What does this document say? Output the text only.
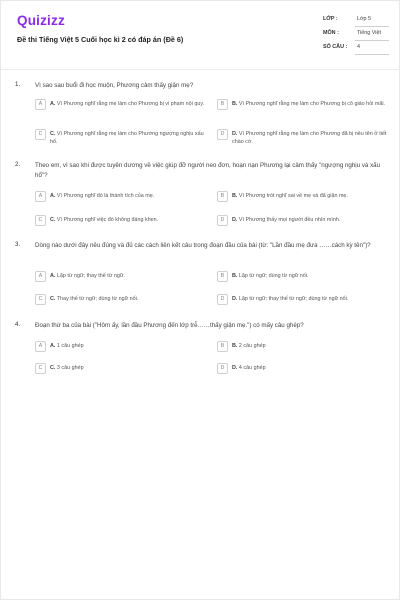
Quizizz
Đề thi Tiếng Việt 5 Cuối học kì 2 có đáp án (Đề 6)
LỚP :	Lớp 5
MÔN :	Tiếng Việt
SỐ CÂU : 4
1. Vì sao sau buổi đi học muộn, Phương cảm thấy giận mẹ?
A	A. Vì Phương nghĩ rằng mẹ làm cho Phương bị vi phạm nội quy.	B	B. Vì Phương nghĩ rằng mẹ làm cho Phương bị cô giáo hỏi mãi.
C	C. Vì Phương nghĩ rằng mẹ làm cho Phương ngượng nghịu xấu hổ.
D	D. Vì Phương nghĩ rằng mẹ làm cho Phương đã bị nêu tên ở tiết chào cờ.
2. Theo em, vì sao khi được tuyên dương về việc giúp đỡ người neo đơn, hoạn nạn Phương lại cảm thấy "ngượng nghịu và xấu hổ"?
A	A. Vì Phương nghĩ đó là thành tích của mẹ.	B	B. Vì Phương trót nghĩ sai về mẹ và đã giận mẹ.
C	C. Vì Phương nghĩ việc đó không đáng khen.	D	D. Vì Phương thấy mọi người đều nhìn mình.
3. Dòng nào dưới đây nêu đúng và đủ các cách liên kết câu trong đoạn đầu của bài (từ: "Lần đầu mẹ đưa ……cách kỳ tên")?
A	A. Lặp từ ngữ; thay thế từ ngữ.	B	B. Lặp từ ngữ; dùng từ ngữ nối.
C	C. Thay thế từ ngữ; dùng từ ngữ nối.	D	D. Lặp từ ngữ; thay thế từ ngữ; dùng từ ngữ nối.
4. Đoạn thứ ba của bài ("Hôm ấy, lần đầu Phương đến lớp trễ……thấy giận mẹ.") có mấy câu ghép?
A	A. 1 câu ghép	B	B. 2 câu ghép
C	C. 3 câu ghép	D	D. 4 câu ghép
